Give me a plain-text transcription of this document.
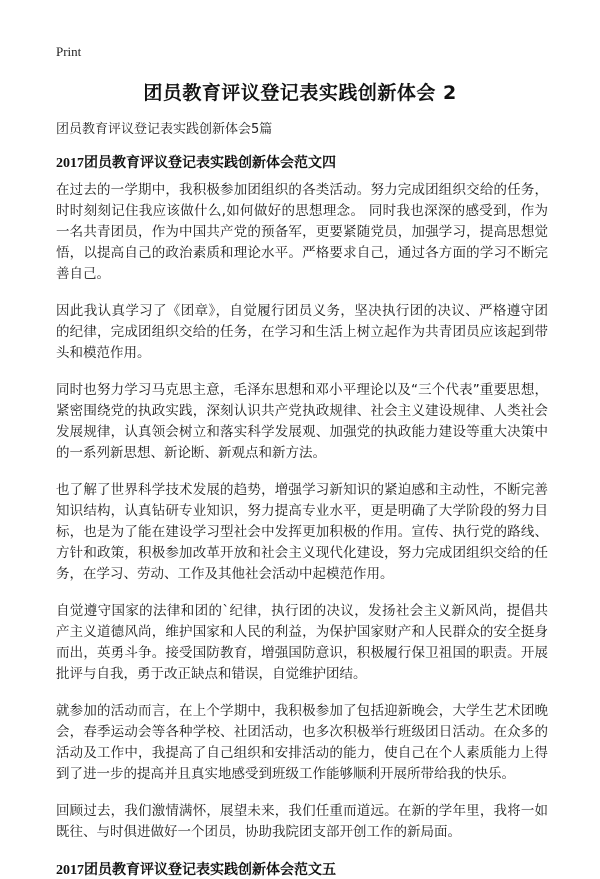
Print
团员教育评议登记表实践创新体会 2

团员教育评议登记表实践创新体会5篇

2017团员教育评议登记表实践创新体会范文四

在过去的一学期中，我积极参加团组织的各类活动。努力完成团组织交给的任务，时时刻刻记住我应该做什么,如何做好的思想理念。 同时我也深深的感受到，作为一名共青团员，作为中国共产党的预备军，更要紧随党员，加强学习，提高思想觉悟，以提高自己的政治素质和理论水平。严格要求自己，通过各方面的学习不断完善自己。

因此我认真学习了《团章》，自觉履行团员义务，坚决执行团的决议、严格遵守团的纪律，完成团组织交给的任务，在学习和生活上树立起作为共青团员应该起到带头和模范作用。

同时也努力学习马克思主意，毛泽东思想和邓小平理论以及“三个代表”重要思想，紧密围绕党的执政实践，深刻认识共产党执政规律、社会主义建设规律、人类社会发展规律，认真领会树立和落实科学发展观、加强党的执政能力建设等重大决策中的一系列新思想、新论断、新观点和新方法。

也了解了世界科学技术发展的趋势，增强学习新知识的紧迫感和主动性，不断完善知识结构，认真钻研专业知识，努力提高专业水平，更是明确了大学阶段的努力目标，也是为了能在建设学习型社会中发挥更加积极的作用。宣传、执行党的路线、方针和政策，积极参加改革开放和社会主义现代化建设，努力完成团组织交给的任务，在学习、劳动、工作及其他社会活动中起模范作用。

自觉遵守国家的法律和团的`纪律，执行团的决议，发扬社会主义新风尚，提倡共产主义道德风尚，维护国家和人民的利益，为保护国家财产和人民群众的安全挺身而出，英勇斗争。接受国防教育，增强国防意识，积极履行保卫祖国的职责。开展批评与自我，勇于改正缺点和错误，自觉维护团结。

就参加的活动而言，在上个学期中，我积极参加了包括迎新晚会，大学生艺术团晚会，春季运动会等各种学校、社团活动，也多次积极举行班级团日活动。在众多的活动及工作中，我提高了自己组织和安排活动的能力，使自己在个人素质能力上得到了进一步的提高并且真实地感受到班级工作能够顺利开展所带给我的快乐。

回顾过去，我们激情满怀，展望未来，我们任重而道远。在新的学年里，我将一如既往、与时俱进做好一个团员，协助我院团支部开创工作的新局面。

2017团员教育评议登记表实践创新体会范文五
